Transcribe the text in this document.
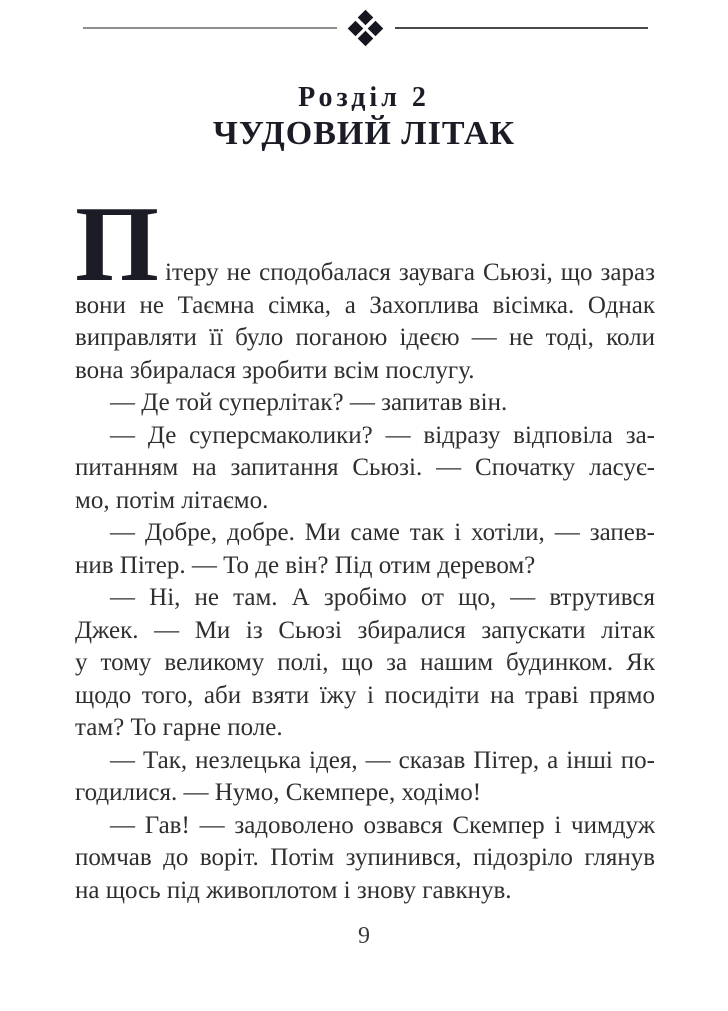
Розділ 2
ЧУДОВИЙ ЛІТАК
Пітеру не сподобалася заувага Сьюзі, що зараз
вони не Таємна сімка, а Захоплива вісімка. Однак
виправляти її було поганою ідеєю — не тоді, коли
вона збиралася зробити всім послугу.
— Де той суперлітак? — запитав він.
— Де суперсмаколики? — відразу відповіла за-
питанням на запитання Сьюзі. — Спочатку ласує-
мо, потім літаємо.
— Добре, добре. Ми саме так і хотіли, — запев-
нив Пітер. — То де він? Під отим деревом?
— Ні, не там. А зробімо от що, — втрутився
Джек. — Ми із Сьюзі збиралися запускати літак
у тому великому полі, що за нашим будинком. Як
щодо того, аби взяти їжу і посидіти на траві прямо
там? То гарне поле.
— Так, незлецька ідея, — сказав Пітер, а інші по-
годилися. — Нумо, Скемпере, ходімо!
— Гав! — задоволено озвався Скемпер і чимдуж
помчав до воріт. Потім зупинився, підозріло глянув
на щось під живоплотом і знову гавкнув.
9
